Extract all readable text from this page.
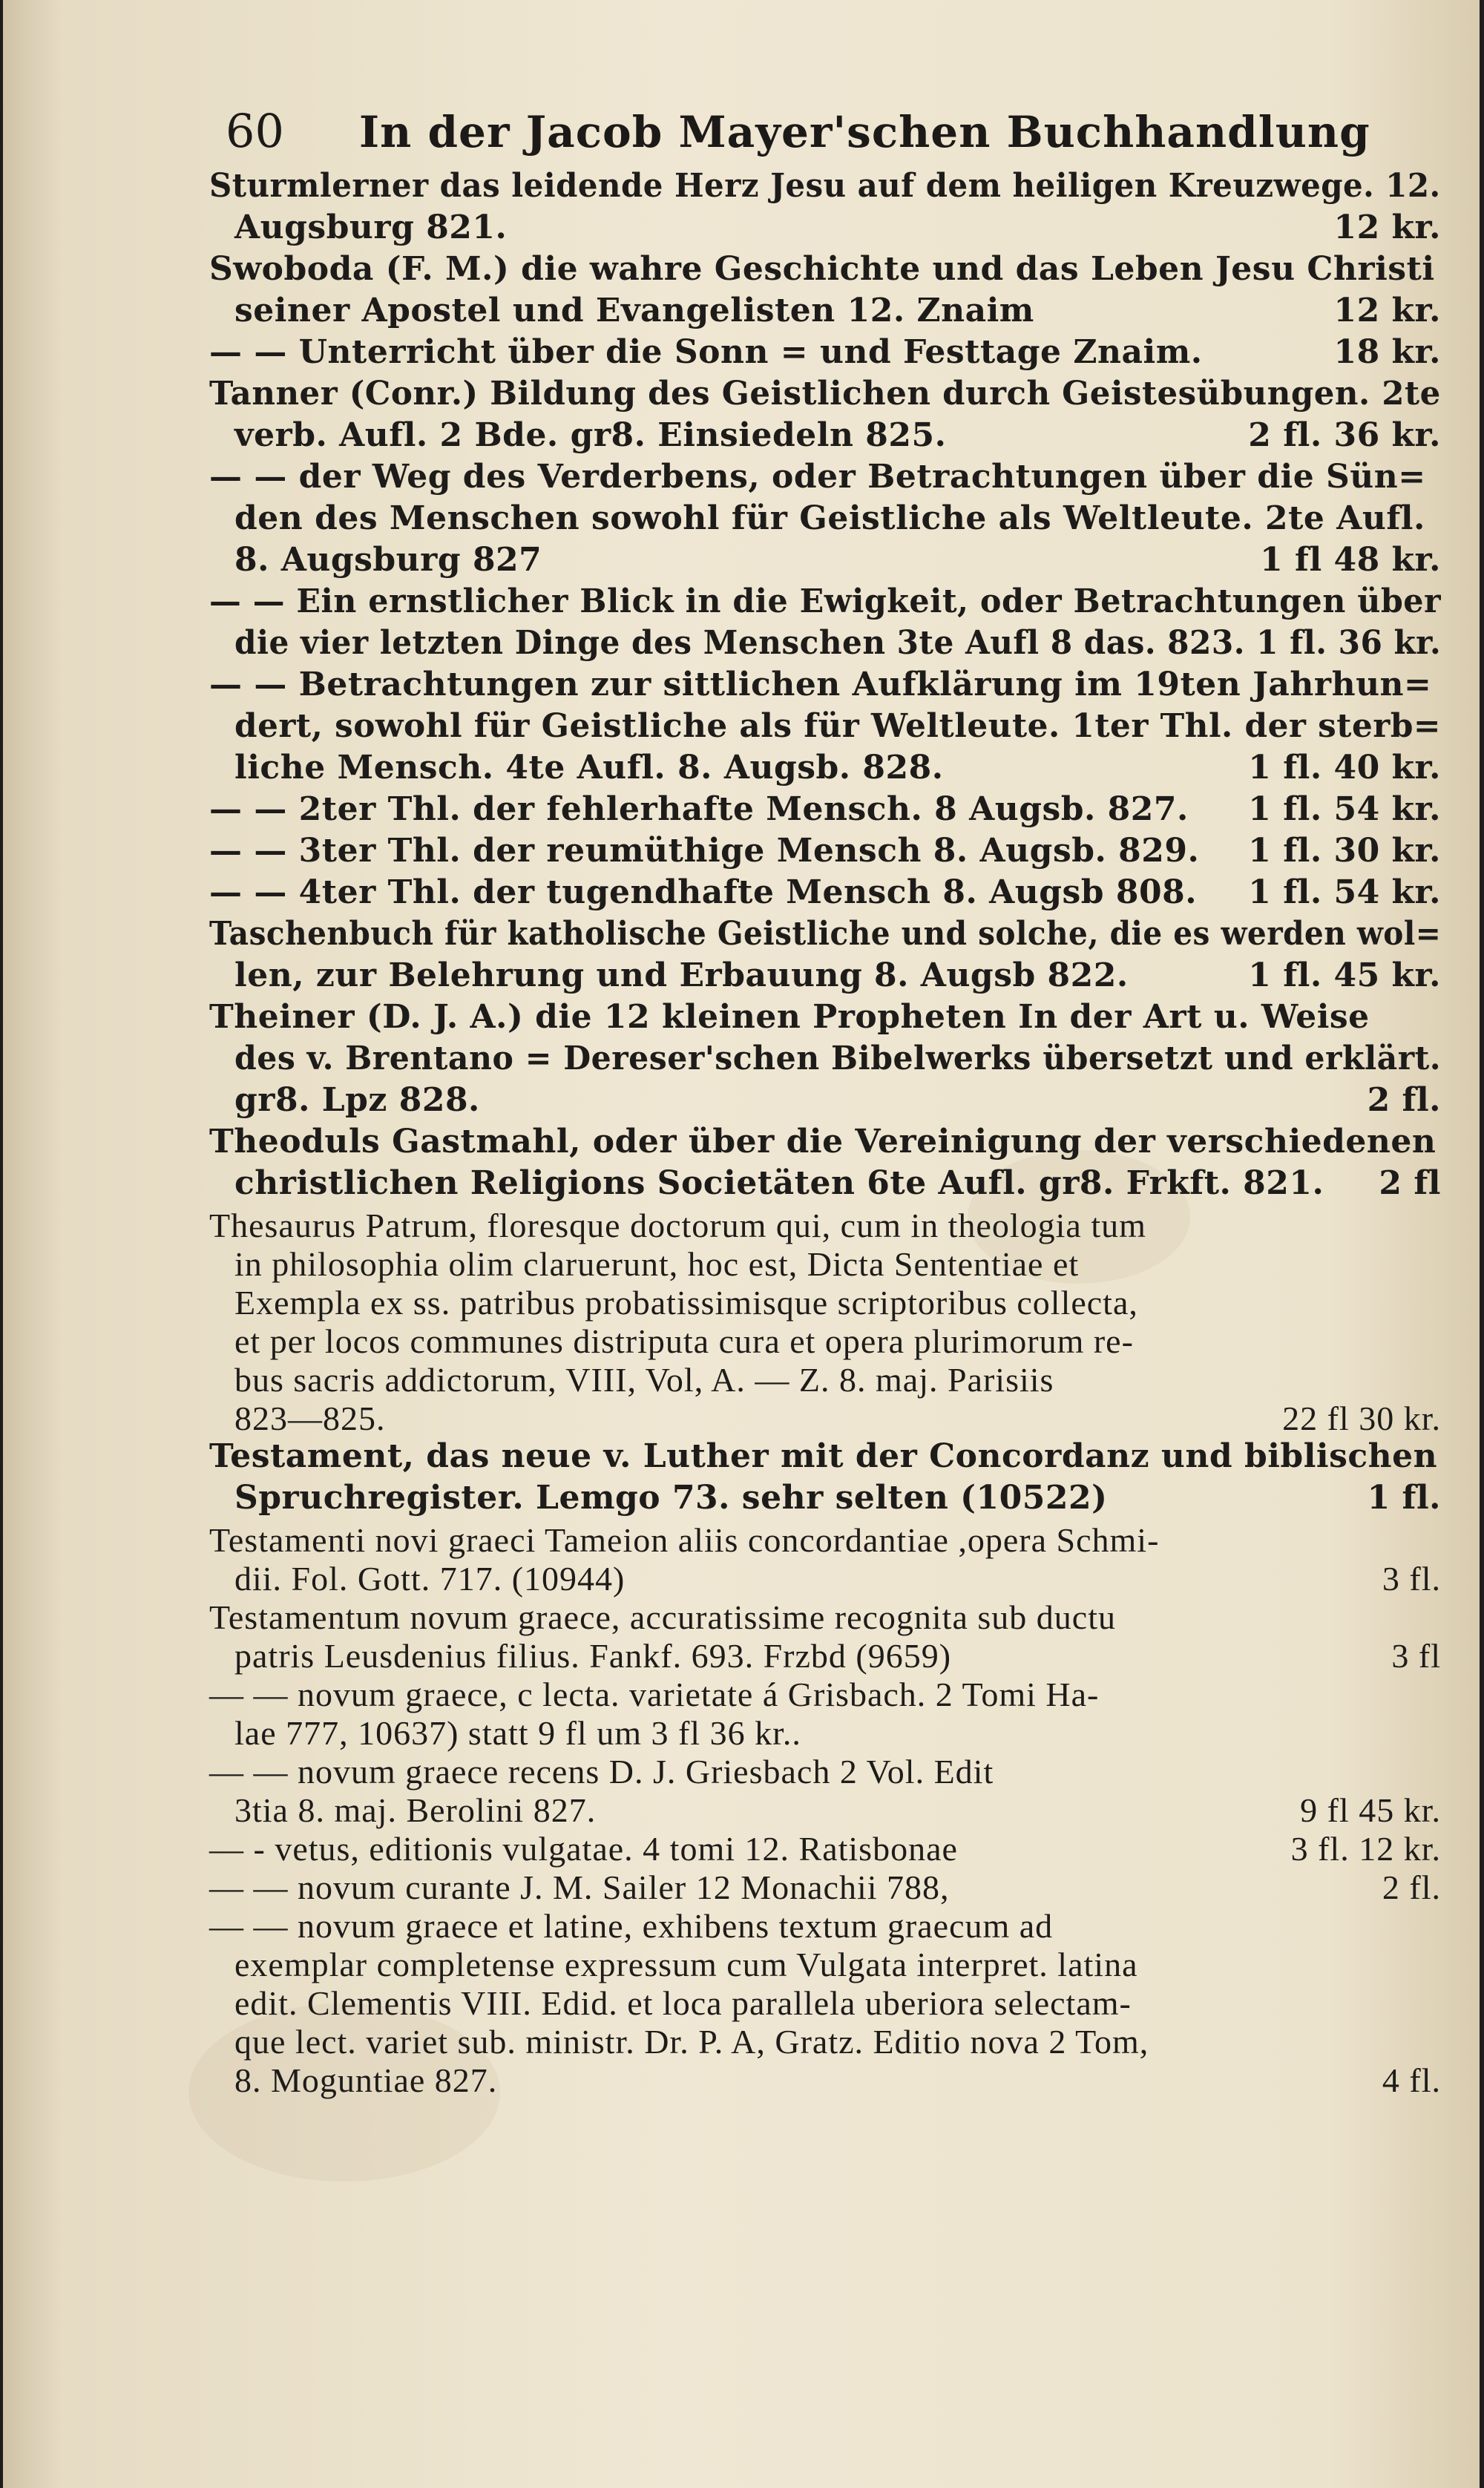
60 In der Jacob Mayer'schen Buchhandlung
Sturmlerner das leidende Herz Jesu auf dem heiligen Kreuzwege. 12.
Augsburg 821.	12 kr.
Swoboda (F. M.) die wahre Geschichte und das Leben Jesu Christi
seiner Apostel und Evangelisten 12. Znaim	12 kr.
— — Unterricht über die Sonn = und Festtage Znaim.	18 kr.
Tanner (Conr.) Bildung des Geistlichen durch Geistesübungen. 2te
verb. Aufl. 2 Bde. gr8. Einsiedeln 825.	2 fl. 36 kr.
— — der Weg des Verderbens, oder Betrachtungen über die Sün=
den des Menschen sowohl für Geistliche als Weltleute. 2te Aufl.
8. Augsburg 827	1 fl 48 kr.
— — Ein ernstlicher Blick in die Ewigkeit, oder Betrachtungen über
die vier letzten Dinge des Menschen 3te Aufl 8 das. 823. 1 fl. 36 kr.
— — Betrachtungen zur sittlichen Aufklärung im 19ten Jahrhun=
dert, sowohl für Geistliche als für Weltleute. 1ter Thl. der sterb=
liche Mensch. 4te Aufl. 8. Augsb. 828.	1 fl. 40 kr.
— — 2ter Thl. der fehlerhafte Mensch. 8 Augsb. 827. 1 fl. 54 kr.
— — 3ter Thl. der reumüthige Mensch 8. Augsb. 829. 1 fl. 30 kr.
— — 4ter Thl. der tugendhafte Mensch 8. Augsb 808. 1 fl. 54 kr.
Taschenbuch für katholische Geistliche und solche, die es werden wol=
len, zur Belehrung und Erbauung 8. Augsb 822.	1 fl. 45 kr.
Theiner (D. J. A.) die 12 kleinen Propheten In der Art u. Weise
des v. Brentano = Dereser'schen Bibelwerks übersetzt und erklärt.
gr8. Lpz 828.	2 fl.
Theoduls Gastmahl, oder über die Vereinigung der verschiedenen
christlichen Religions Societäten 6te Aufl. gr8. Frkft. 821. 2 fl
Thesaurus Patrum, floresque doctorum qui, cum in theologia tum
in philosophia olim claruerunt, hoc est, Dicta Sententiae et
Exempla ex ss. patribus probatissimisque scriptoribus collecta,
et per locos communes distriputa cura et opera plurimorum re-
bus sacris addictorum, VIII, Vol, A. — Z. 8. maj. Parisiis
823—825.	22 fl 30 kr.
Testament, das neue v. Luther mit der Concordanz und biblischen
Spruchregister. Lemgo 73. sehr selten (10522)	1 fl.
Testamenti novi graeci Tameion aliis concordantiae ,opera Schmi-
dii. Fol. Gott. 717. (10944)	3 fl.
Testamentum novum graece, accuratissime recognita sub ductu
patris Leusdenius filius. Fankf. 693. Frzbd (9659)	3 fl
— — novum graece, c lecta. varietate á Grisbach. 2 Tomi Ha-
lae 777, 10637) statt 9 fl um 3 fl 36 kr..
— — novum graece recens D. J. Griesbach 2 Vol. Edit
3tia 8. maj. Berolini 827.	9 fl 45 kr.
— - vetus, editionis vulgatae. 4 tomi 12. Ratisbonae	3 fl. 12 kr.
— — novum curante J. M. Sailer 12 Monachii 788,	2 fl.
— — novum graece et latine, exhibens textum graecum ad
exemplar completense expressum cum Vulgata interpret. latina
edit. Clementis VIII. Edid. et loca parallela uberiora selectam-
que lect. variet sub. ministr. Dr. P. A, Gratz. Editio nova 2 Tom,
8. Moguntiae 827.	4 fl.
